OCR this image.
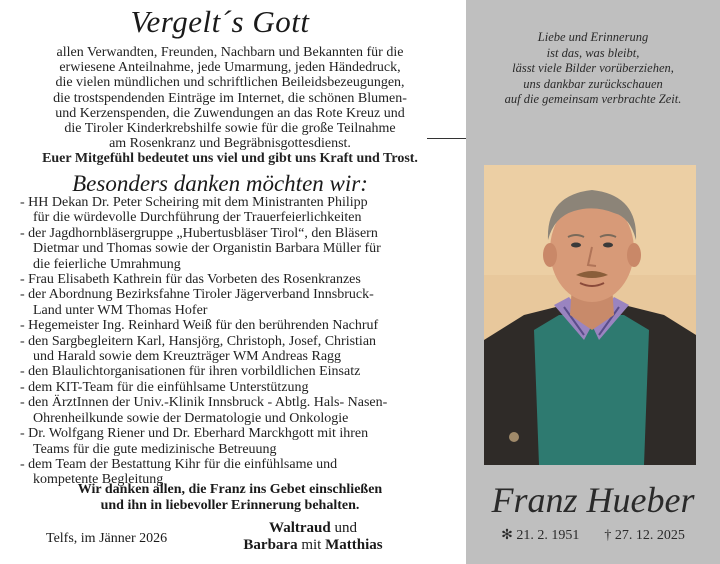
Vergelt´s Gott
allen Verwandten, Freunden, Nachbarn und Bekannten für die
erwiesene Anteilnahme, jede Umarmung, jeden Händedruck,
die vielen mündlichen und schriftlichen Beileidsbezeugungen,
die trostspendenden Einträge im Internet, die schönen Blumen-
und Kerzenspenden, die Zuwendungen an das Rote Kreuz und
die Tiroler Kinderkrebshilfe sowie für die große Teilnahme
am Rosenkranz und Begräbnisgottesdienst.
Euer Mitgefühl bedeutet uns viel und gibt uns Kraft und Trost.
Besonders danken möchten wir:
- HH Dekan Dr. Peter Scheiring mit dem Ministranten Philipp
für die würdevolle Durchführung der Trauerfeierlichkeiten
- der Jagdhornbläsergruppe „Hubertusbläser Tirol“, den Bläsern
Dietmar und Thomas sowie der Organistin Barbara Müller für
die feierliche Umrahmung
- Frau Elisabeth Kathrein für das Vorbeten des Rosenkranzes
- der Abordnung Bezirksfahne Tiroler Jägerverband Innsbruck-
Land unter WM Thomas Hofer
- Hegemeister Ing. Reinhard Weiß für den berührenden Nachruf
- den Sargbegleitern Karl, Hansjörg, Christoph, Josef, Christian
und Harald sowie dem Kreuzträger WM Andreas Ragg
- den Blaulichtorganisationen für ihren vorbildlichen Einsatz
- dem KIT-Team für die einfühlsame Unterstützung
- den ÄrztInnen der Univ.-Klinik Innsbruck - Abtlg. Hals- Nasen-
Ohrenheilkunde sowie der Dermatologie und Onkologie
- Dr. Wolfgang Riener und Dr. Eberhard Marckhgott mit ihren
Teams für die gute medizinische Betreuung
- dem Team der Bestattung Kihr für die einfühlsame und
kompetente Begleitung
Wir danken allen, die Franz ins Gebet einschließen
und ihn in liebevoller Erinnerung behalten.
Telfs, im Jänner 2026
Waltraud und
Barbara mit Matthias
Liebe und Erinnerung
ist das, was bleibt,
lässt viele Bilder vorüberziehen,
uns dankbar zurückschauen
auf die gemeinsam verbrachte Zeit.
Franz Hueber
✻ 21. 2. 1951 † 27. 12. 2025
